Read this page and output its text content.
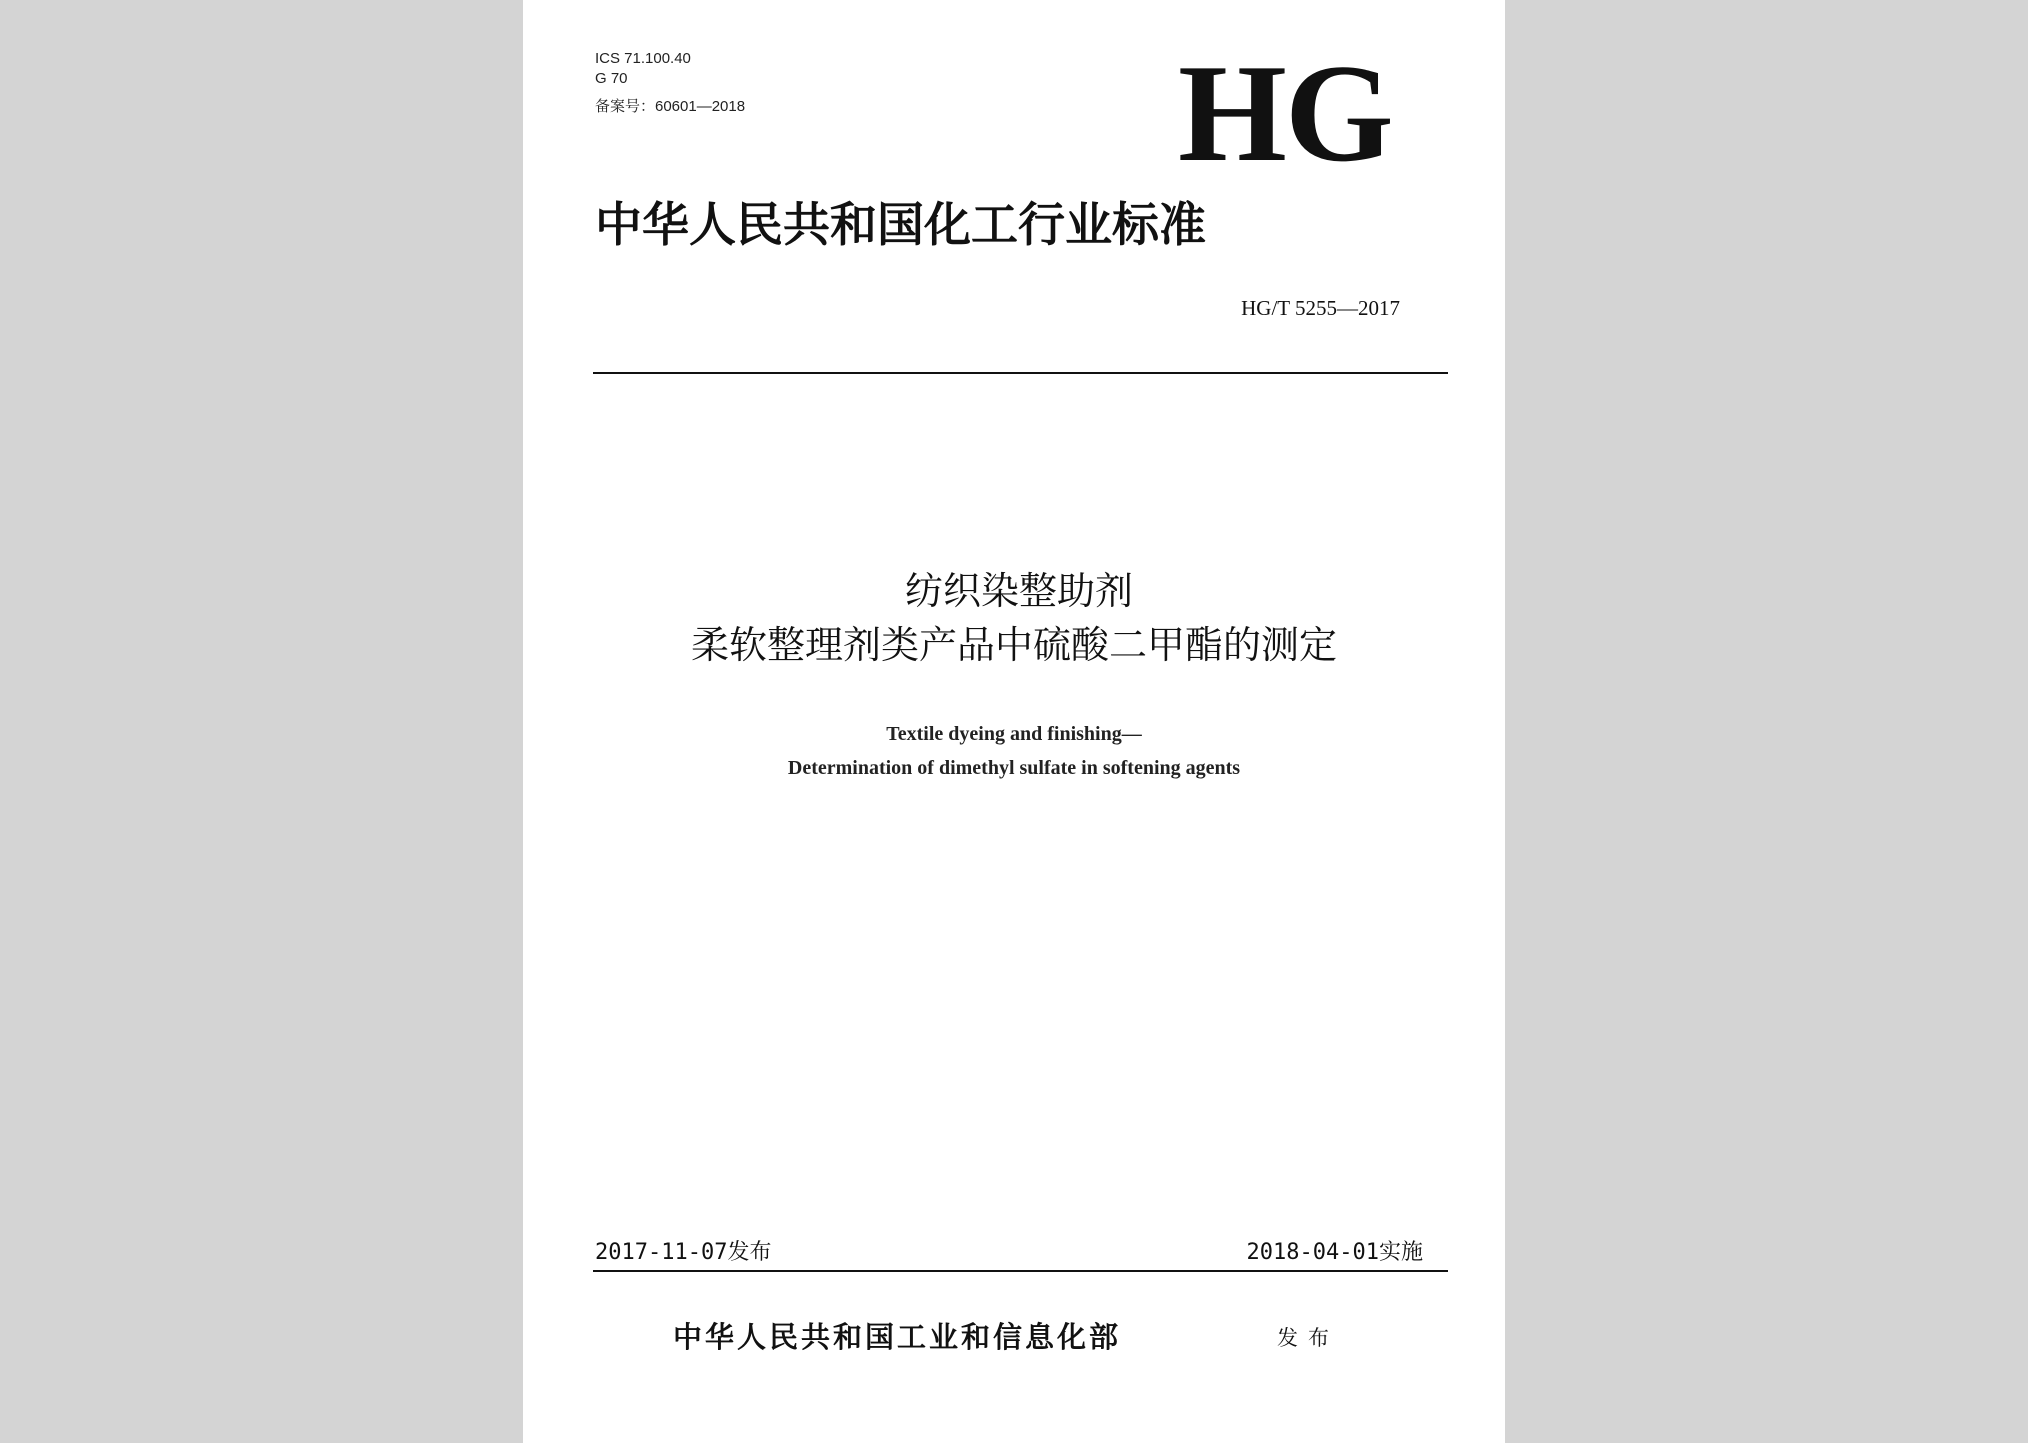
ICS 71.100.40
G 70
备案号：60601—2018	HG
中华人民共和国化工行业标准
HG/T 5255—2017
纺织染整助剂
柔软整理剂类产品中硫酸二甲酯的测定
Textile dyeing and finishing—
Determination of dimethyl sulfate in softening agents
2017-11-07发布	2018-04-01实施
中华人民共和国工业和信息化部	发布
